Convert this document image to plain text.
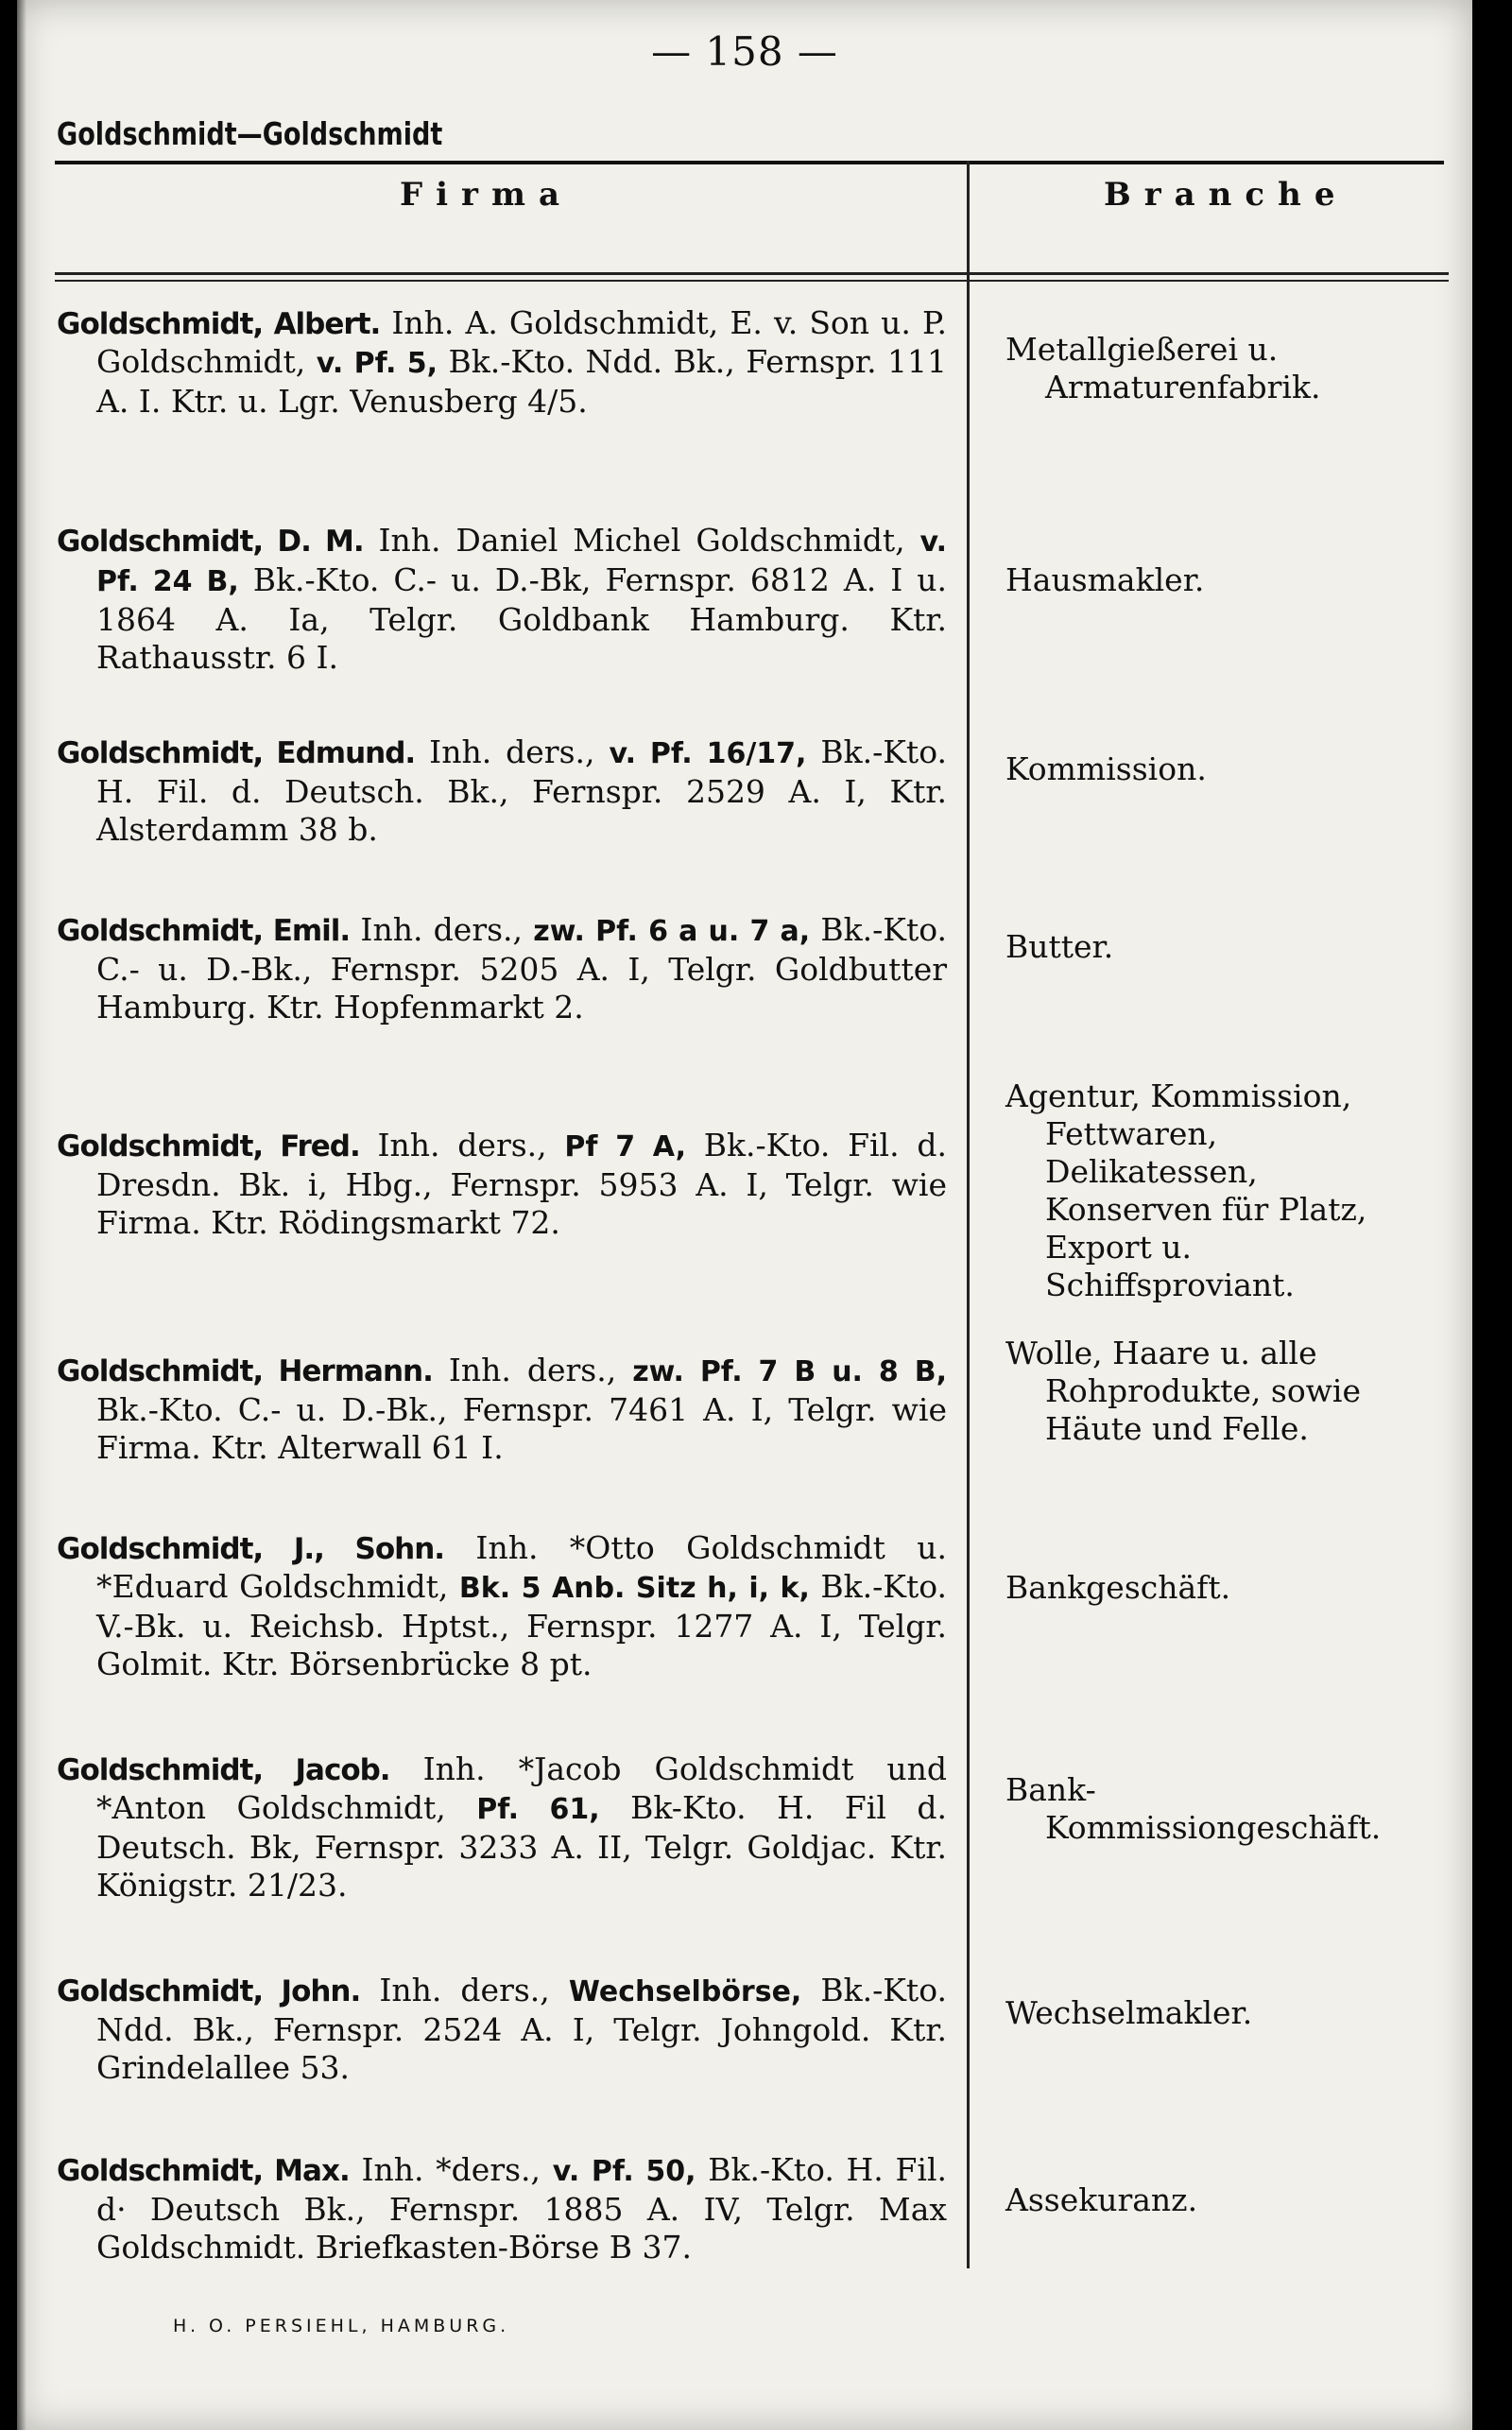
— 158 —
Goldschmidt—Goldschmidt
Firma	Branche

Goldschmidt, Albert. Inh. A. Goldschmidt, E. v. Son u. P. Goldschmidt, v. Pf. 5, Bk.-Kto. Ndd. Bk., Fernspr. 111 A. I. Ktr. u. Lgr. Venusberg 4/5.

Metallgießerei u. Armaturenfabrik.

Goldschmidt, D. M. Inh. Daniel Michel Goldschmidt, v. Pf. 24 B, Bk.-Kto. C.- u. D.-Bk, Fernspr. 6812 A. I u. 1864 A. Ia, Telgr. Goldbank Hamburg. Ktr. Rathausstr. 6 I.

Hausmakler.

Goldschmidt, Edmund. Inh. ders., v. Pf. 16/17, Bk.-Kto. H. Fil. d. Deutsch. Bk., Fernspr. 2529 A. I, Ktr. Alsterdamm 38 b.

Kommission.

Goldschmidt, Emil. Inh. ders., zw. Pf. 6 a u. 7 a, Bk.-Kto. C.- u. D.-Bk., Fernspr. 5205 A. I, Telgr. Goldbutter Hamburg. Ktr. Hopfenmarkt 2.

Butter.

Goldschmidt, Fred. Inh. ders., Pf 7 A, Bk.-Kto. Fil. d. Dresdn. Bk. i, Hbg., Fernspr. 5953 A. I, Telgr. wie Firma. Ktr. Rödingsmarkt 72.

Agentur, Kommission, Fettwaren, Delikatessen, Konserven für Platz, Export u. Schiffsproviant.

Goldschmidt, Hermann. Inh. ders., zw. Pf. 7 B u. 8 B, Bk.-Kto. C.- u. D.-Bk., Fernspr. 7461 A. I, Telgr. wie Firma. Ktr. Alterwall 61 I.

Wolle, Haare u. alle Rohprodukte, sowie Häute und Felle.

Goldschmidt, J., Sohn. Inh. *Otto Goldschmidt u. *Eduard Goldschmidt, Bk. 5 Anb. Sitz h, i, k, Bk.-Kto. V.-Bk. u. Reichsb. Hptst., Fernspr. 1277 A. I, Telgr. Golmit. Ktr. Börsenbrücke 8 pt.

Bankgeschäft.

Goldschmidt, Jacob. Inh. *Jacob Goldschmidt und *Anton Goldschmidt, Pf. 61, Bk-Kto. H. Fil d. Deutsch. Bk, Fernspr. 3233 A. II, Telgr. Goldjac. Ktr. Königstr. 21/23.

Bank-Kommissiongeschäft.

Goldschmidt, John. Inh. ders., Wechselbörse, Bk.-Kto. Ndd. Bk., Fernspr. 2524 A. I, Telgr. Johngold. Ktr. Grindelallee 53.

Wechselmakler.

Goldschmidt, Max. Inh. *ders., v. Pf. 50, Bk.-Kto. H. Fil. d· Deutsch Bk., Fernspr. 1885 A. IV, Telgr. Max Goldschmidt. Briefkasten-Börse B 37.

Assekuranz.

H. O. PERSIEHL, HAMBURG.
